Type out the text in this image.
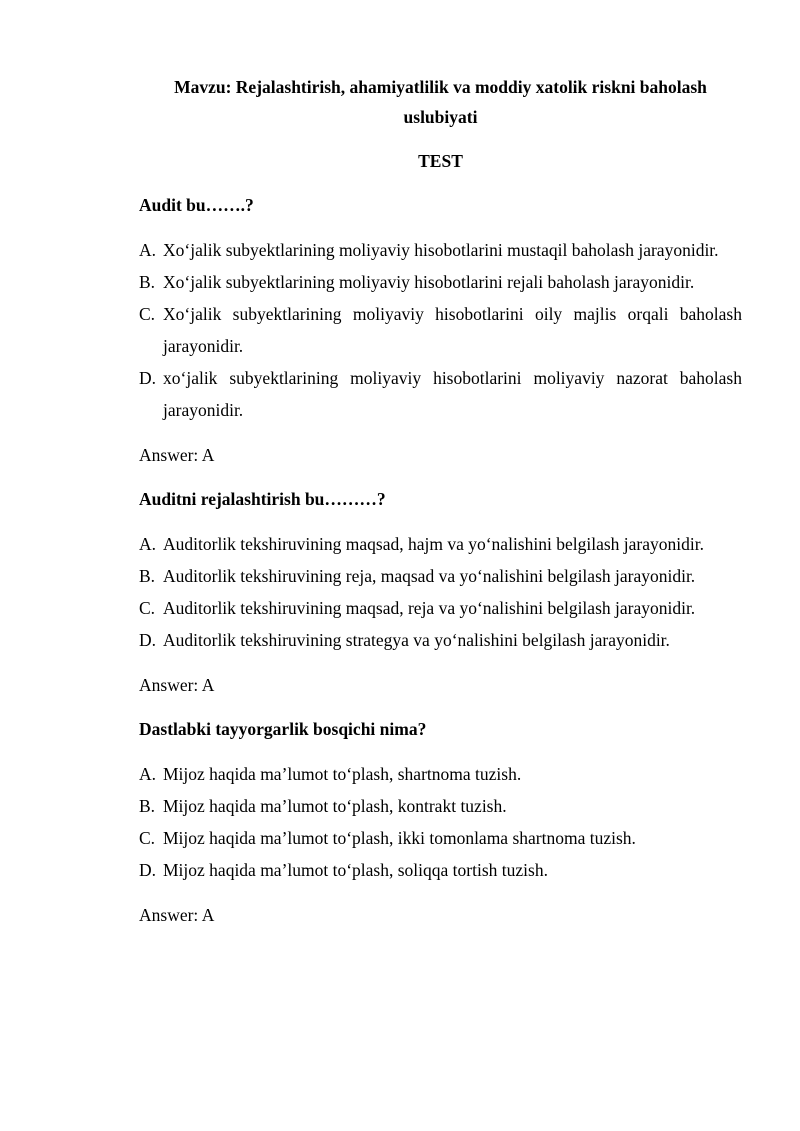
Mavzu: Rejalashtirish, ahamiyatlilik va moddiy xatolik riskni baholash uslubiyati

TEST

Audit bu…….?

A. Xo‘jalik subyektlarining moliyaviy hisobotlarini mustaqil baholash jarayonidir.
B. Xo‘jalik subyektlarining moliyaviy hisobotlarini rejali baholash jarayonidir.
C. Xo‘jalik subyektlarining moliyaviy hisobotlarini oily majlis orqali baholash jarayonidir.
D. xo‘jalik subyektlarining moliyaviy hisobotlarini moliyaviy nazorat baholash jarayonidir.

Answer: A

Auditni rejalashtirish bu………?

A. Auditorlik tekshiruvining maqsad, hajm va yo‘nalishini belgilash jarayonidir.
B. Auditorlik tekshiruvining reja, maqsad va yo‘nalishini belgilash jarayonidir.
C. Auditorlik tekshiruvining maqsad, reja va yo‘nalishini belgilash jarayonidir.
D. Auditorlik tekshiruvining strategya va yo‘nalishini belgilash jarayonidir.

Answer: A

Dastlabki tayyorgarlik bosqichi nima?

A. Mijoz haqida ma’lumot to‘plash, shartnoma tuzish.
B. Mijoz haqida ma’lumot to‘plash, kontrakt tuzish.
C. Mijoz haqida ma’lumot to‘plash, ikki tomonlama shartnoma tuzish.
D. Mijoz haqida ma’lumot to‘plash, soliqqa tortish tuzish.

Answer: A
